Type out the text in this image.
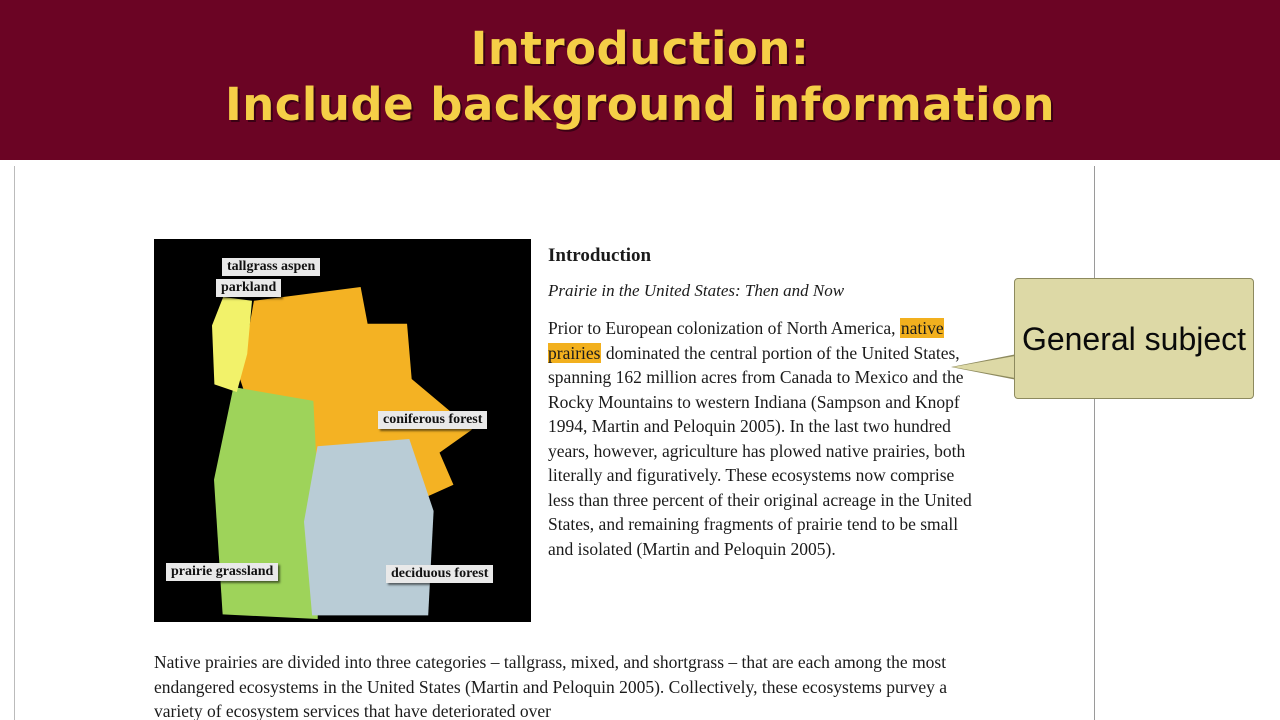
Introduction:
Include background information
tallgrass aspen
parkland
coniferous forest
prairie grassland	deciduous forest
Introduction
Prairie in the United States: Then and Now
Prior to European colonization of North America, native prairies dominated the central portion of the United States, spanning 162 million acres from Canada to Mexico and the Rocky Mountains to western Indiana (Sampson and Knopf 1994, Martin and Peloquin 2005). In the last two hundred years, however, agriculture has plowed native prairies, both literally and figuratively. These ecosystems now comprise less than three percent of their original acreage in the United States, and remaining fragments of prairie tend to be small and isolated (Martin and Peloquin 2005).
Native prairies are divided into three categories – tallgrass, mixed, and shortgrass – that are each among the most endangered ecosystems in the United States (Martin and Peloquin 2005). Collectively, these ecosystems purvey a variety of ecosystem services that have deteriorated over
General subject
